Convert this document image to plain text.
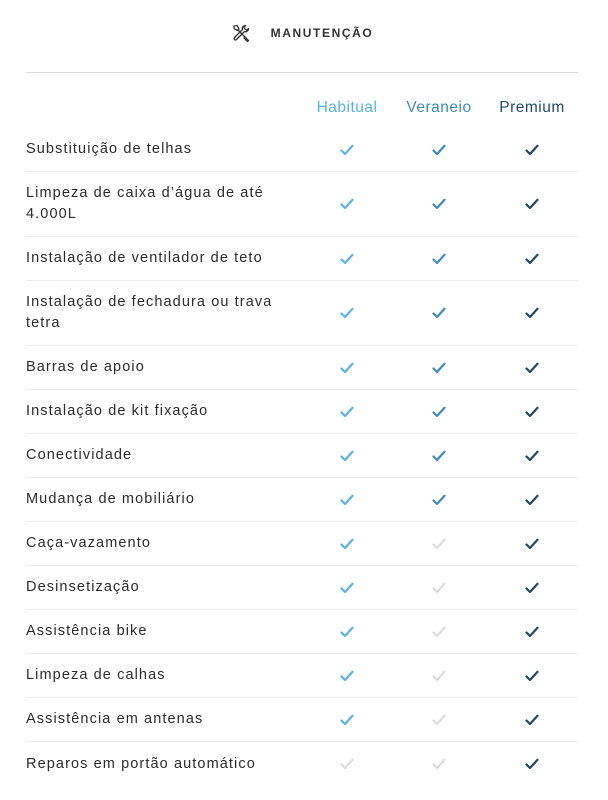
MANUTENÇÃO
Habitual	Veraneio	Premium
Substituição de telhas
Limpeza de caixa d’água de até 4.000L
Instalação de ventilador de teto
Instalação de fechadura ou trava tetra
Barras de apoio
Instalação de kit fixação
Conectividade
Mudança de mobiliário
Caça-vazamento
Desinsetização
Assistência bike
Limpeza de calhas
Assistência em antenas
Reparos em portão automático
